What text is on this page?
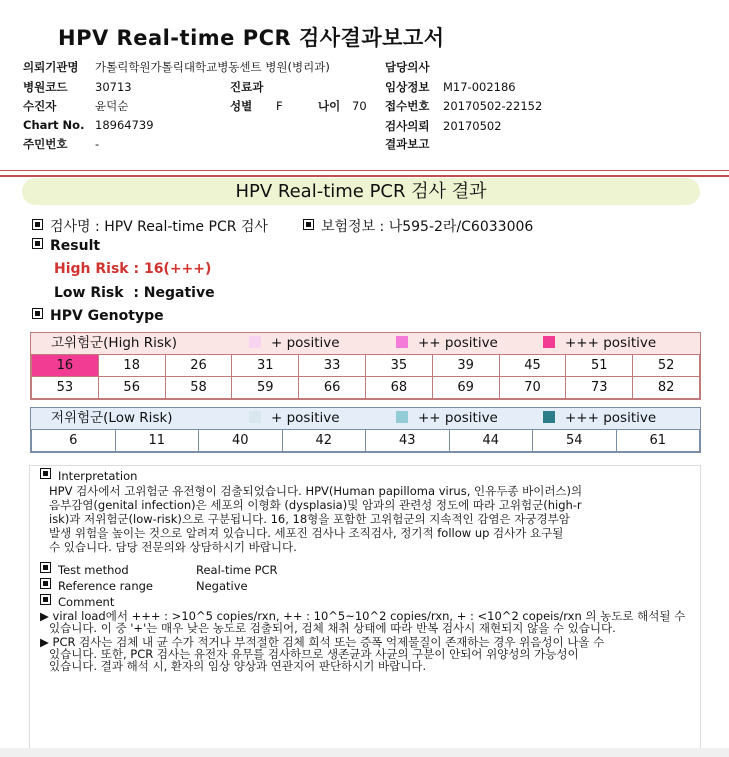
HPV Real-time PCR 검사결과보고서
의뢰기관명 가톨릭학원가톨릭대학교병동센트 병원(병리과)
병원코드 30713
수진자	윤덕순
Chart No. 18964739
주민번호 -
진료과
성별 F	나이 70
담당의사
임상정보 M17-002186
접수번호 20170502-22152
검사의뢰 20170502
결과보고
HPV Real-time PCR 검사 결과
검사명 : HPV Real-time PCR 검사	보험정보 : 나595-2라/C6033006
Result
High Risk : 16(+++)
Low Risk  : Negative
HPV Genotype
고위험군(High Risk)	+ positive	++ positive	+++ positive
16	18	26	31	33	35	39	45	51	52
53	56	58	59	66	68	69	70	73	82
저위험군(Low Risk)	+ positive	++ positive	+++ positive
6	11	40	42	43	44	54	61
Interpretation
HPV 검사에서 고위험군 유전형이 검출되었습니다. HPV(Human papilloma virus, 인유두종 바이러스)의
음부감염(genital infection)은 세포의 이형화 (dysplasia)및 암과의 관련성 정도에 따라 고위험군(high-r
isk)과 저위험군(low-risk)으로 구분됩니다. 16, 18형을 포함한 고위험군의 지속적인 감염은 자궁경부암
발생 위험을 높이는 것으로 알려져 있습니다. 세포진 검사나 조직검사, 정기적 follow up 검사가 요구될
수 있습니다. 담당 전문의와 상담하시기 바랍니다.
Test method	Real-time PCR
Reference range	Negative
Comment
▶ viral load에서 +++ : >10^5 copies/rxn, ++ : 10^5~10^2 copies/rxn, + : <10^2 copeis/rxn 의 농도로 해석될 수
있습니다. 이 중 '+'는 매우 낮은 농도로 검출되어, 검체 채취 상태에 따라 반복 검사시 재현되지 않을 수 있습니다.
▶ PCR 검사는 검체 내 균 수가 적거나 부적절한 검체 희석 또는 증폭 억제물질이 존재하는 경우 위음성이 나올 수
있습니다. 또한, PCR 검사는 유전자 유무를 검사하므로 생존균과 사균의 구분이 안되어 위양성의 가능성이
있습니다. 결과 해석 시, 환자의 임상 양상과 연관지어 판단하시기 바랍니다.
